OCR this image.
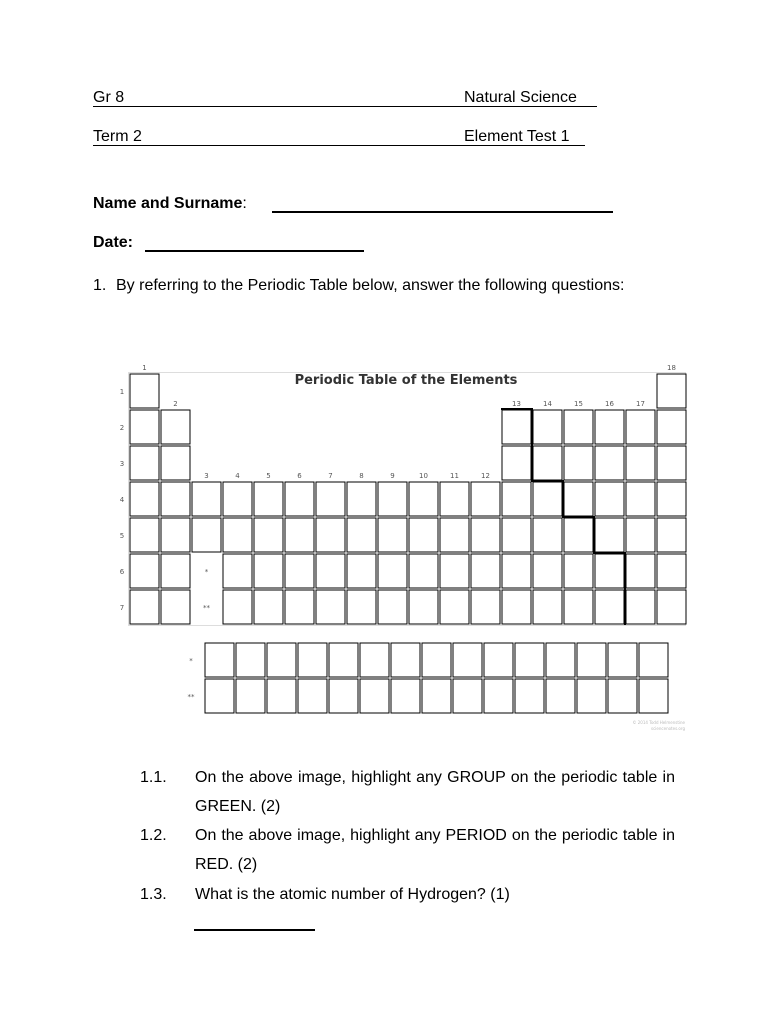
Gr 8	Natural Science
Term 2	Element Test 1
Name and Surname:
Date:
1. By referring to the Periodic Table below, answer the following questions:
Periodic Table of the Elements
1
2
3	4	5	6	7	8	9	10	11	12
13	14	15	16	17
18
1
2
3
4
5
6
7
*
**
*
**
© 2014 Todd Helmenstine
sciencenotes.org
1.1. On the above image, highlight any GROUP on the periodic table in GREEN. (2)
1.2. On the above image, highlight any PERIOD on the periodic table in RED. (2)
1.3. What is the atomic number of Hydrogen? (1)
